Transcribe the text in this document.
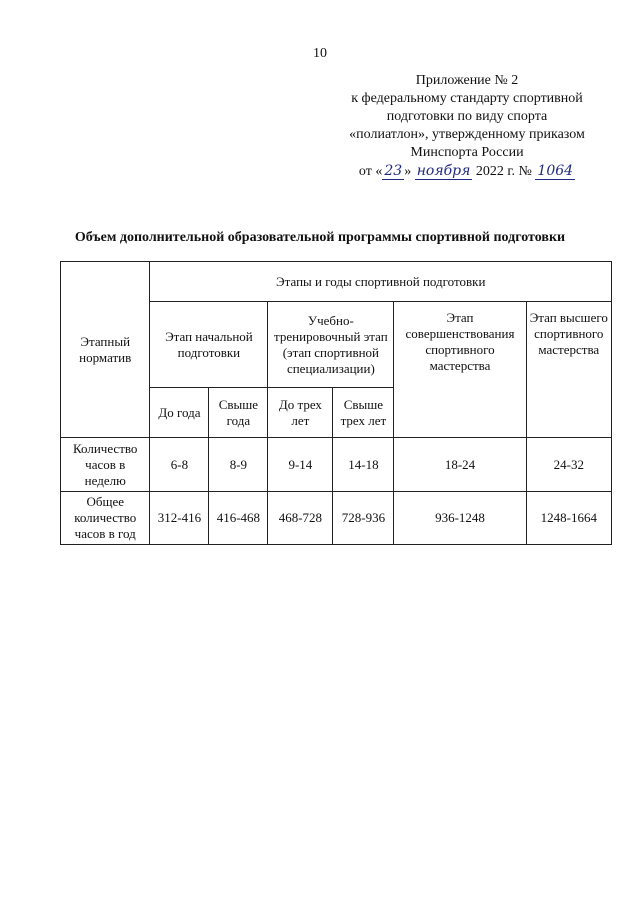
10
Приложение № 2
к федеральному стандарту спортивной
подготовки по виду спорта
«полиатлон», утвержденному приказом
Минспорта России
от « 23 » ноября 2022 г. № 1064
Объем дополнительной образовательной программы спортивной подготовки
Этапный норматив	Этапы и годы спортивной подготовки					
	Этап начальной подготовки		Учебно-тренировочный этап (этап спортивной специализации)		Этап совершенствования спортивного мастерства	Этап высшего спортивного мастерства
	До года	Свыше года	До трех лет	Свыше трех лет		
Количество часов в неделю	6-8	8-9	9-14	14-18	18-24	24-32
Общее количество часов в год	312-416	416-468	468-728	728-936	936-1248	1248-1664
